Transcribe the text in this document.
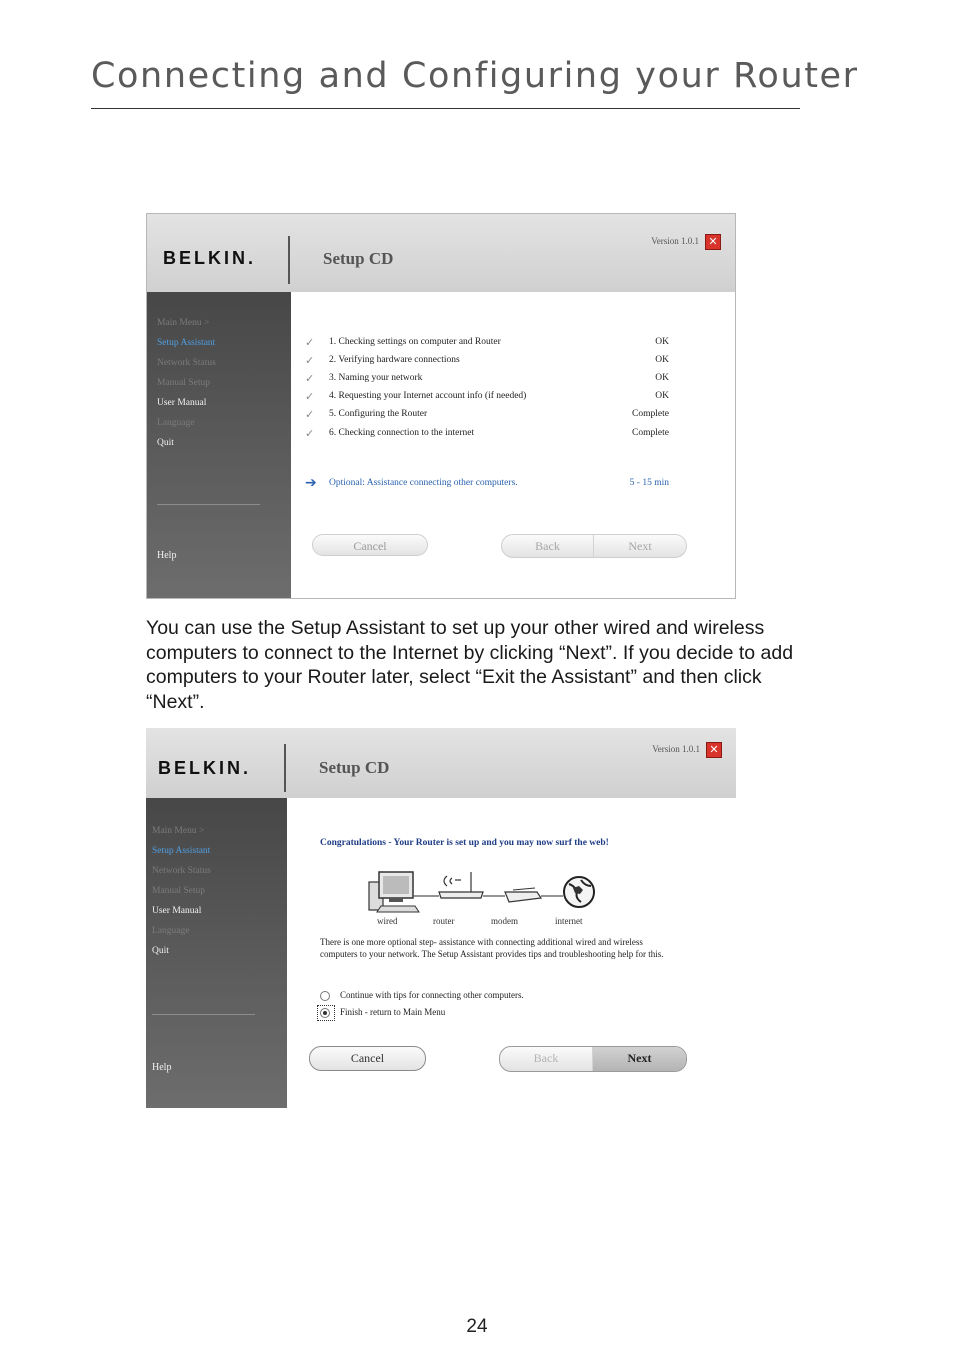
Connecting and Configuring your Router
BELKIN.	Setup CD
Version 1.0.1 ✕
Main Menu >
Setup Assistant
Network Status
Manual Setup
User Manual
Language
Quit
Help
✓ 1. Checking settings on computer and Router	OK
✓ 2. Verifying hardware connections	OK
✓ 3. Naming your network	OK
✓ 4. Requesting your Internet account info (if needed)	OK
✓ 5. Configuring the Router	Complete
✓ 6. Checking connection to the internet	Complete
➔ Optional: Assistance connecting other computers.	5 - 15 min
Cancel	Back	Next

You can use the Setup Assistant to set up your other wired and wireless computers to connect to the Internet by clicking “Next”. If you decide to add computers to your Router later, select “Exit the Assistant” and then click “Next”.

BELKIN.	Setup CD
Version 1.0.1 ✕
Main Menu >
Setup Assistant
Network Status
Manual Setup
User Manual
Language
Quit
Help
Congratulations - Your Router is set up and you may now surf the web!
wired	router	modem	internet
There is one more optional step- assistance with connecting additional wired and wireless computers to your network. The Setup Assistant provides tips and troubleshooting help for this.
Continue with tips for connecting other computers.
Finish - return to Main Menu
Cancel	Back	Next
24
